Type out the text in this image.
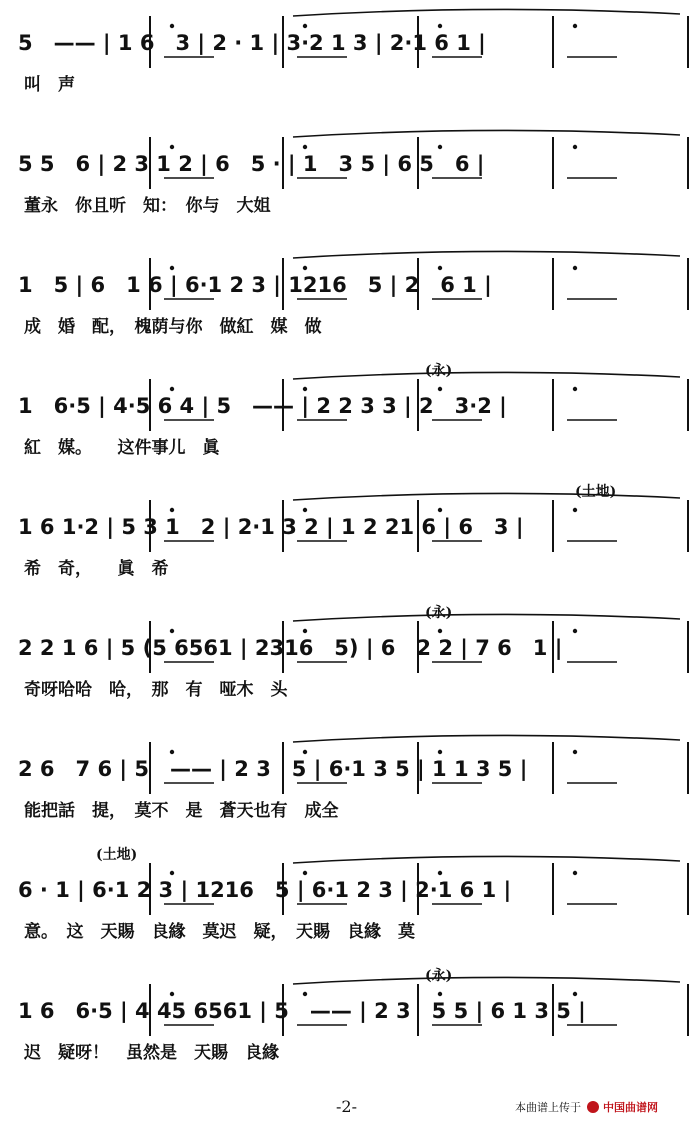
5　—— | 1 6　3 | 2 · 1 | 3·2 1 3 | 2·1 6 1 |
叫　声
5 5　6 | 2 3 1 2 | 6　5 · | 1　3 5 | 6 5　6 |
董永　你且听　知：　你与　大姐
1　5 | 6　1 6 | 6·1 2 3 | 1216　5 | 2　6 1 |
成　婚　配，　槐荫与你　做紅　媒　做
1　6·5 | 4·5 6 4 | 5　—— | 2 2 3 3 | 2　3·2 |
紅　媒。　　这件事儿　眞
(永)
1 6 1·2 | 5 3 1　2 | 2·1 3 2 | 1 2 21 6 | 6　3 |
希　奇，　　眞　希
(土地)
2 2 1 6 | 5 (5 6561 | 2316　5) | 6　2 2 | 7 6　1 |
奇呀哈哈　哈，　那　有　哑木　头
(永)
2 6　7 6 | 5　—— | 2 3　5 | 6·1 3 5 | 1 1 3 5 |
能把話　提，　莫不　是　蒼天也有　成全
6 · 1 | 6·1 2 3 | 1216　5 | 6·1 2 3 | 2·1 6 1 |
意。　这　天賜　良緣　莫迟　疑，　天賜　良緣　莫
(土地)
1 6　6·5 | 4 45 6561 | 5　—— | 2 3　5 5 | 6 1 3 5 |
迟　疑呀！　虽然是　天賜　良緣
(永)
-2-	本曲谱上传于 中国曲谱网
